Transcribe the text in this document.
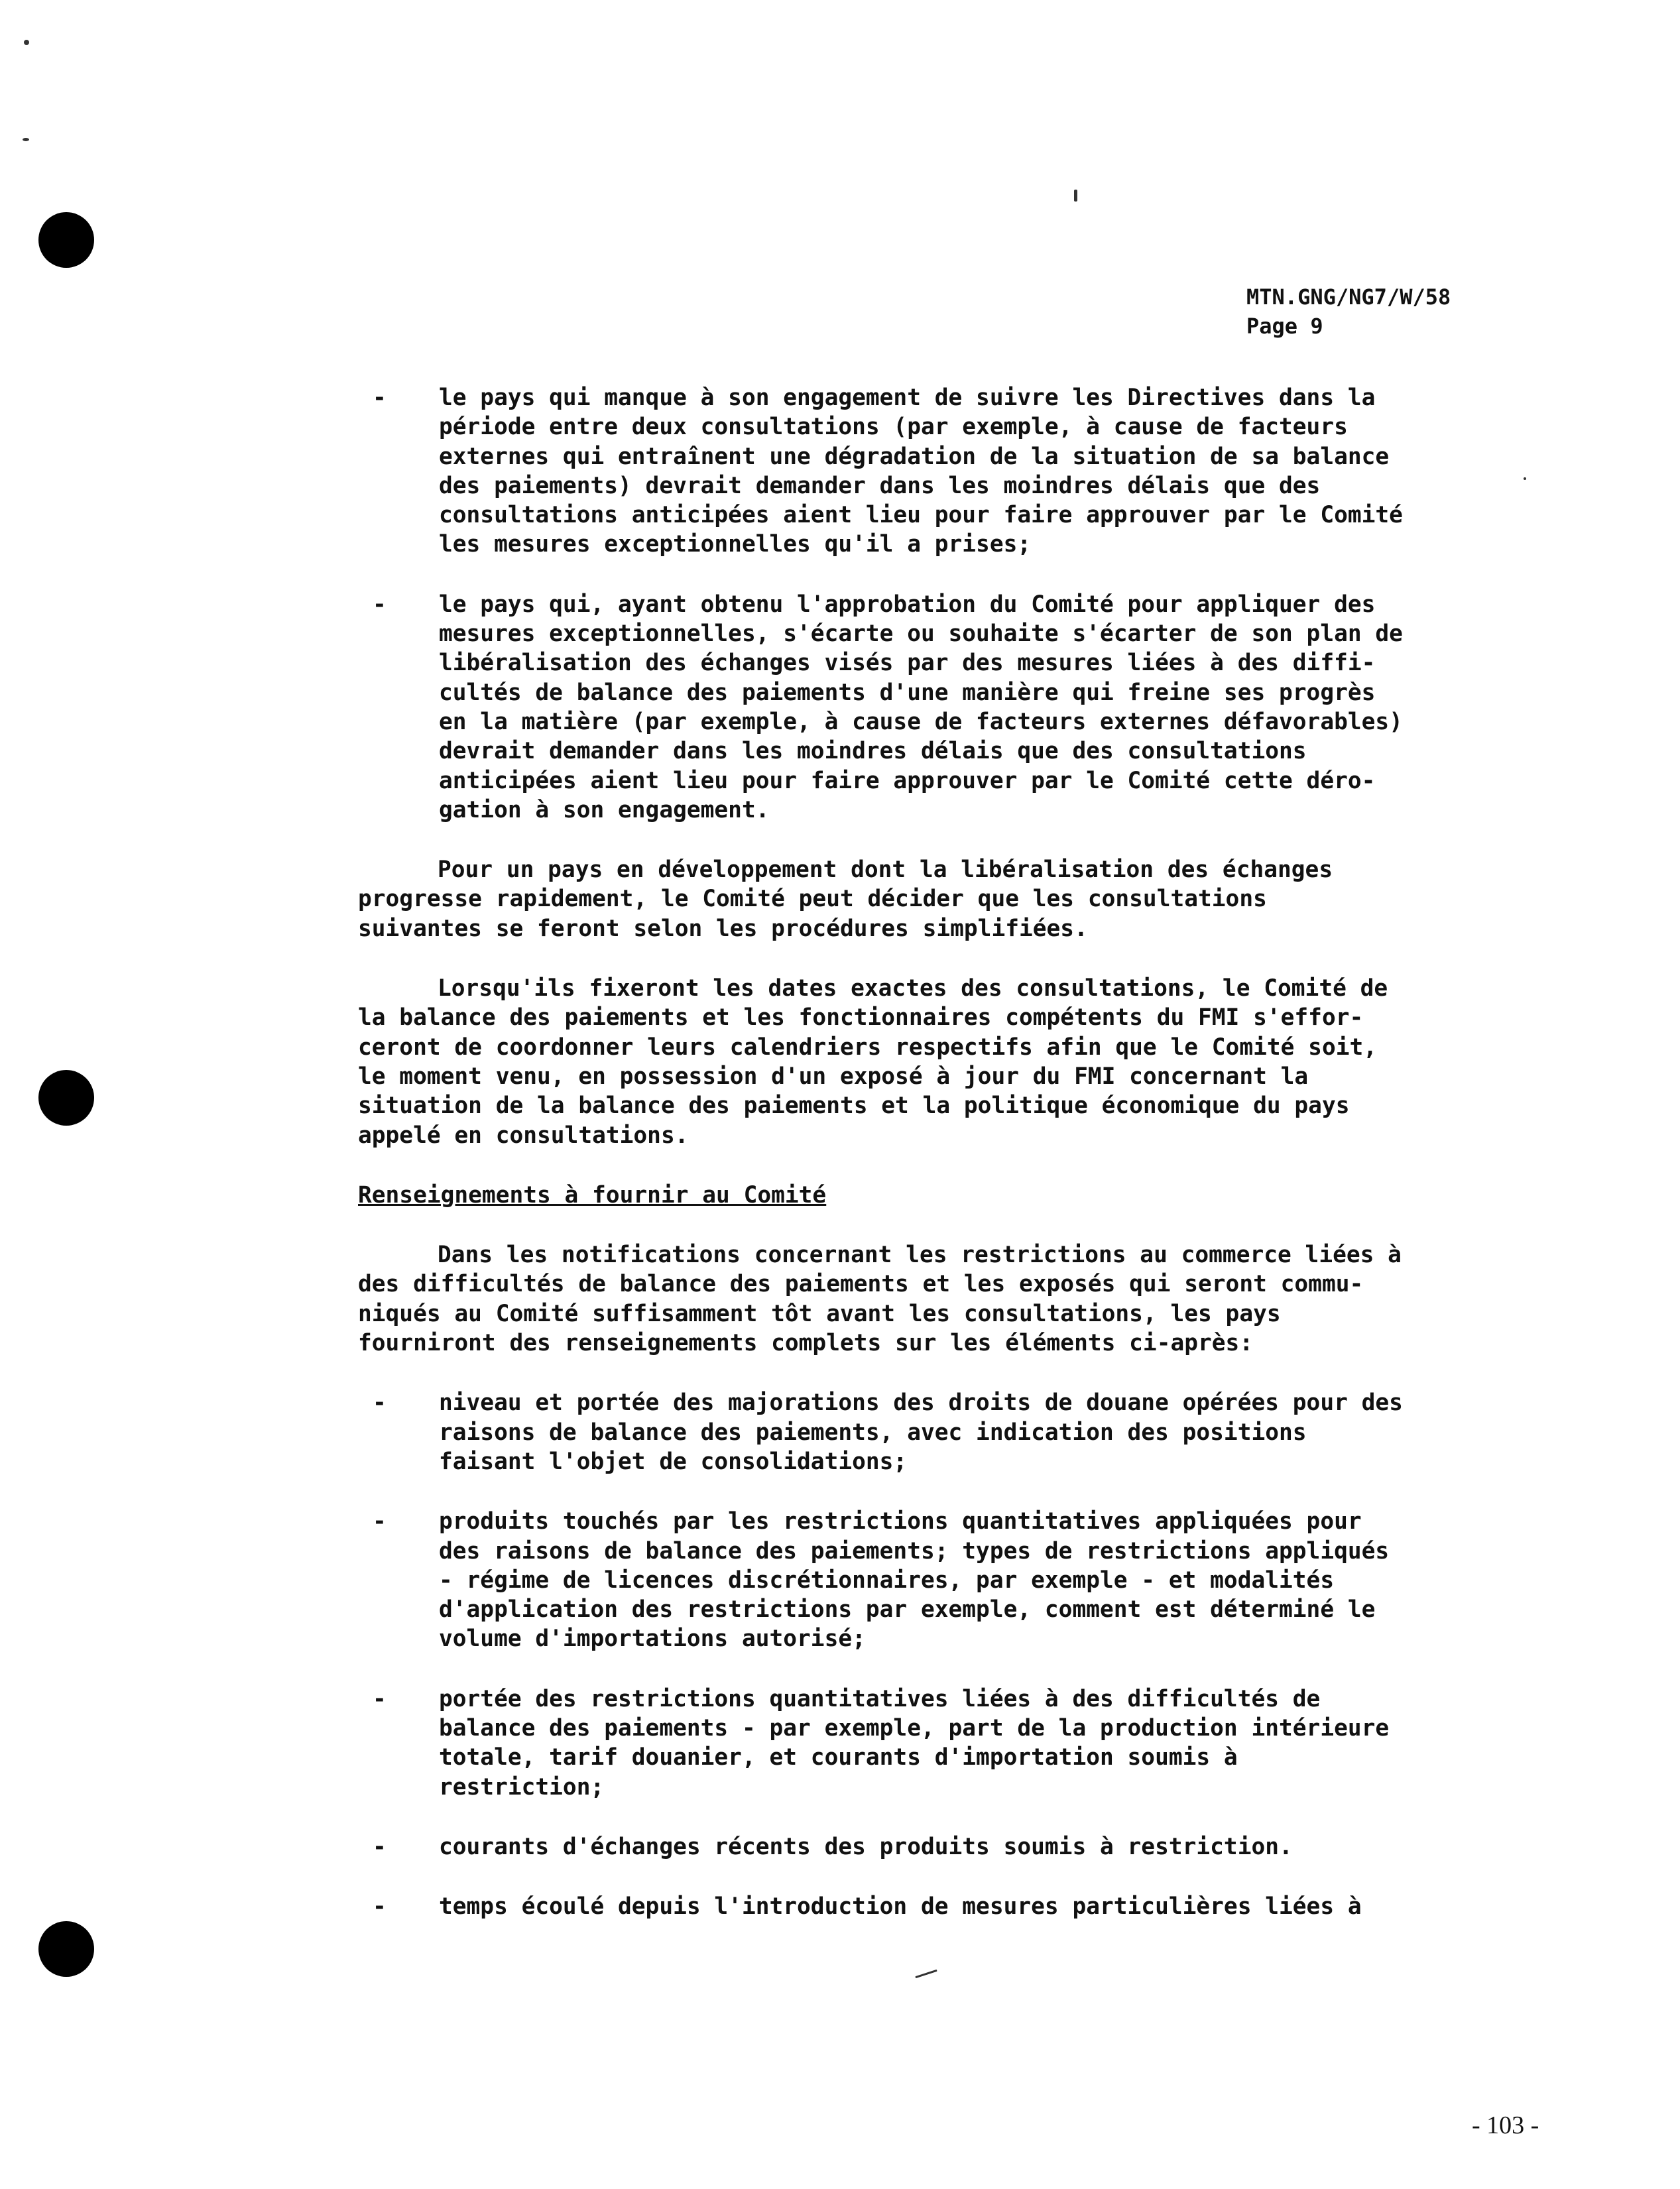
MTN.GNG/NG7/W/58
Page 9
- le pays qui manque à son engagement de suivre les Directives dans la
période entre deux consultations (par exemple, à cause de facteurs
externes qui entraînent une dégradation de la situation de sa balance
des paiements) devrait demander dans les moindres délais que des
consultations anticipées aient lieu pour faire approuver par le Comité
les mesures exceptionnelles qu'il a prises;
- le pays qui, ayant obtenu l'approbation du Comité pour appliquer des
mesures exceptionnelles, s'écarte ou souhaite s'écarter de son plan de
libéralisation des échanges visés par des mesures liées à des diffi-
cultés de balance des paiements d'une manière qui freine ses progrès
en la matière (par exemple, à cause de facteurs externes défavorables)
devrait demander dans les moindres délais que des consultations
anticipées aient lieu pour faire approuver par le Comité cette déro-
gation à son engagement.
Pour un pays en développement dont la libéralisation des échanges
progresse rapidement, le Comité peut décider que les consultations
suivantes se feront selon les procédures simplifiées.
Lorsqu'ils fixeront les dates exactes des consultations, le Comité de
la balance des paiements et les fonctionnaires compétents du FMI s'effor-
ceront de coordonner leurs calendriers respectifs afin que le Comité soit,
le moment venu, en possession d'un exposé à jour du FMI concernant la
situation de la balance des paiements et la politique économique du pays
appelé en consultations.
Renseignements à fournir au Comité
Dans les notifications concernant les restrictions au commerce liées à
des difficultés de balance des paiements et les exposés qui seront commu-
niqués au Comité suffisamment tôt avant les consultations, les pays
fourniront des renseignements complets sur les éléments ci-après:
- niveau et portée des majorations des droits de douane opérées pour des
raisons de balance des paiements, avec indication des positions
faisant l'objet de consolidations;
- produits touchés par les restrictions quantitatives appliquées pour
des raisons de balance des paiements; types de restrictions appliqués
- régime de licences discrétionnaires, par exemple - et modalités
d'application des restrictions par exemple, comment est déterminé le
volume d'importations autorisé;
- portée des restrictions quantitatives liées à des difficultés de
balance des paiements - par exemple, part de la production intérieure
totale, tarif douanier, et courants d'importation soumis à
restriction;
- courants d'échanges récents des produits soumis à restriction.
- temps écoulé depuis l'introduction de mesures particulières liées à
- 103 -
